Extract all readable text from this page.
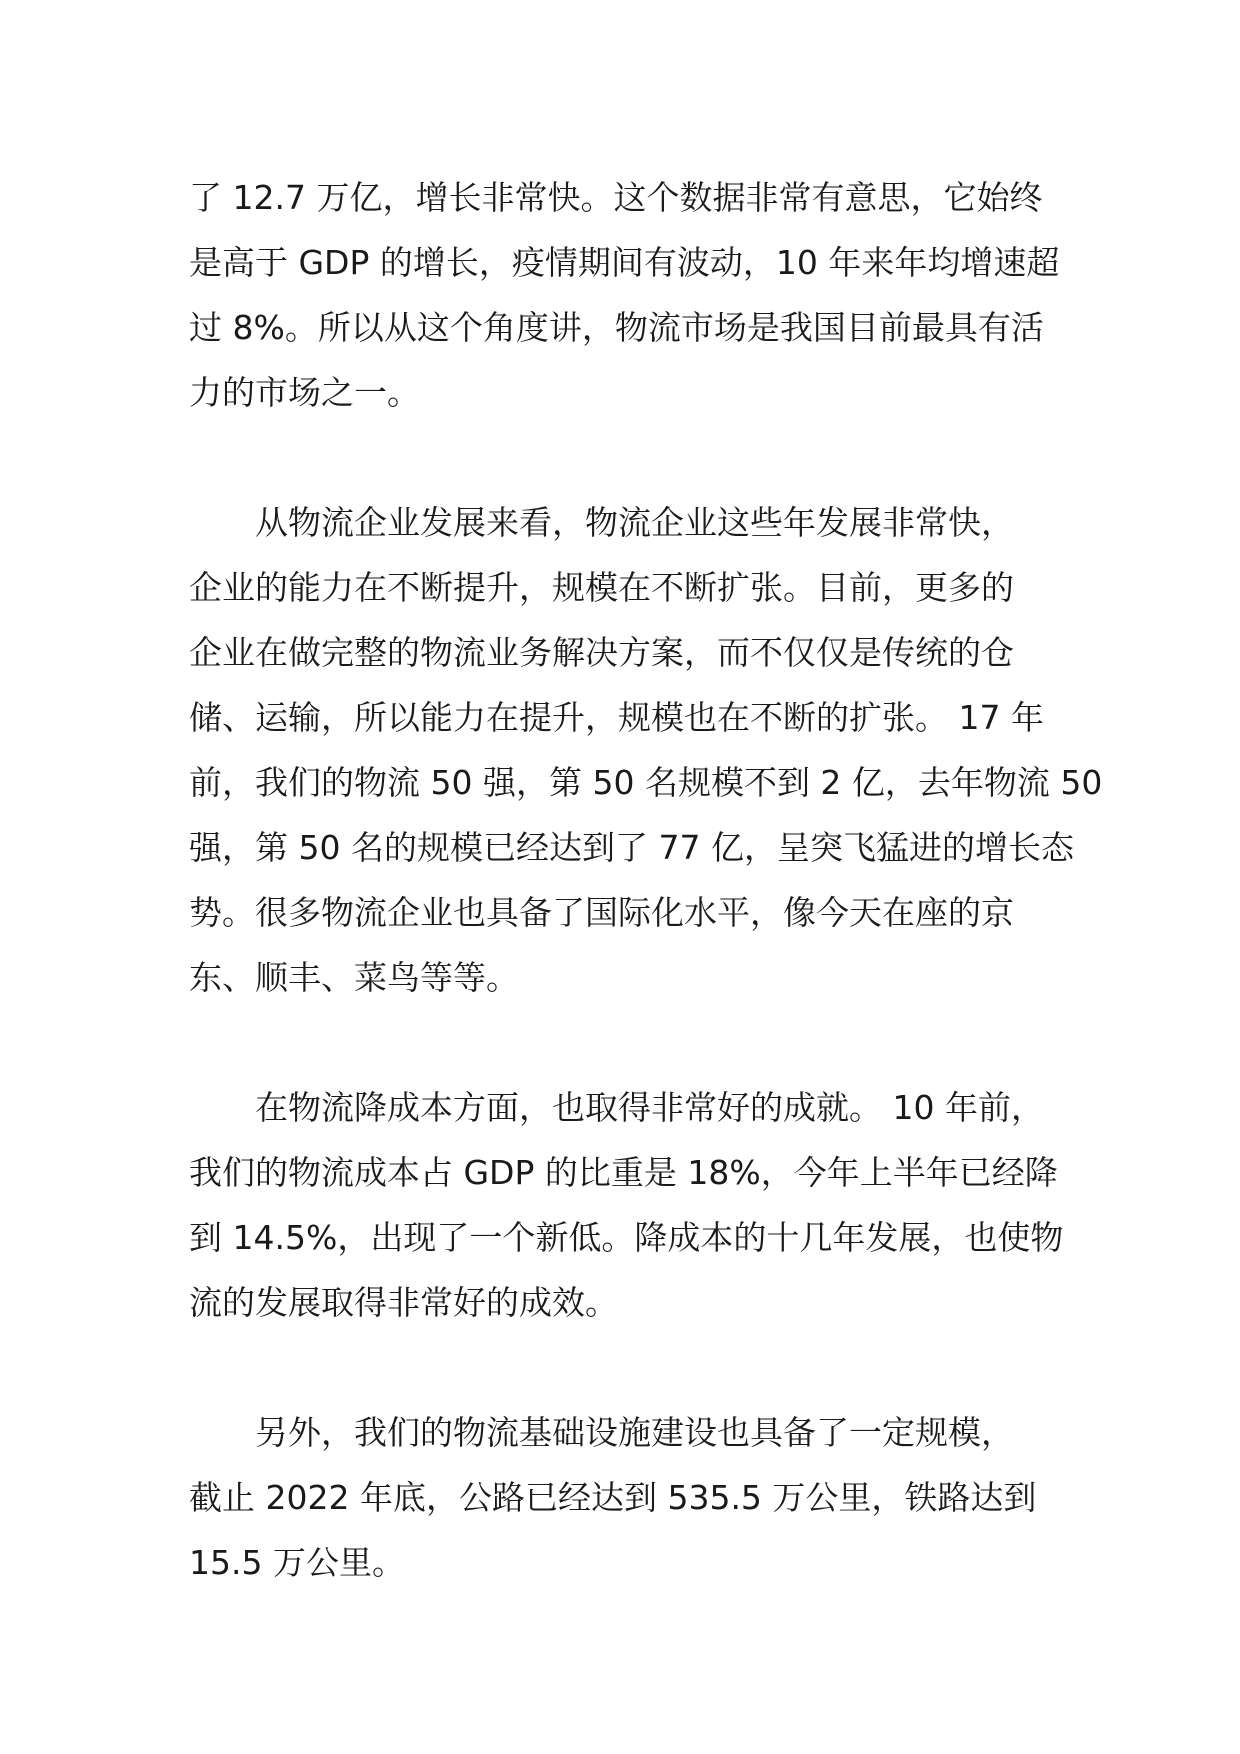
了 12.7 万亿，增长非常快。这个数据非常有意思，它始终
是高于 GDP 的增长，疫情期间有波动，10 年来年均增速超
过 8%。所以从这个角度讲，物流市场是我国目前最具有活
力的市场之一。
从物流企业发展来看，物流企业这些年发展非常快，
企业的能力在不断提升，规模在不断扩张。目前，更多的
企业在做完整的物流业务解决方案，而不仅仅是传统的仓
储、运输，所以能力在提升，规模也在不断的扩张。 17 年
前，我们的物流 50 强，第 50 名规模不到 2 亿，去年物流 50
强，第 50 名的规模已经达到了 77 亿，呈突飞猛进的增长态
势。很多物流企业也具备了国际化水平，像今天在座的京
东、顺丰、菜鸟等等。
在物流降成本方面，也取得非常好的成就。 10 年前，
我们的物流成本占 GDP 的比重是 18%，今年上半年已经降
到 14.5%，出现了一个新低。降成本的十几年发展，也使物
流的发展取得非常好的成效。
另外，我们的物流基础设施建设也具备了一定规模，
截止 2022 年底，公路已经达到 535.5 万公里，铁路达到
15.5 万公里。
